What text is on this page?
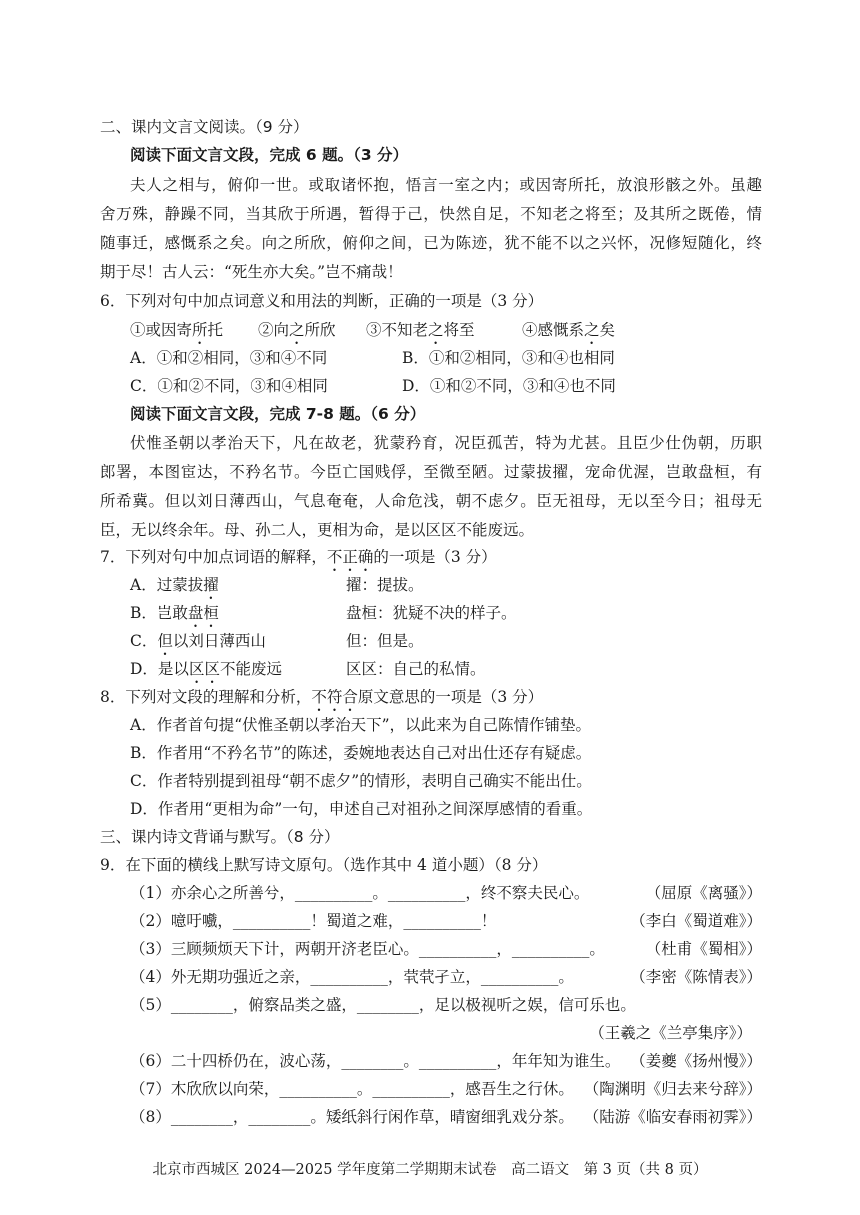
二、课内文言文阅读。（9 分）
阅读下面文言文段，完成 6 题。（3 分）
夫人之相与，俯仰一世。或取诸怀抱，悟言一室之内；或因寄所托，放浪形骸之外。虽趣
舍万殊，静躁不同，当其欣于所遇，暂得于己，快然自足，不知老之将至；及其所之既倦，情
随事迁，感慨系之矣。向之所欣，俯仰之间，已为陈迹，犹不能不以之兴怀，况修短随化，终
期于尽！古人云：“死生亦大矣。”岂不痛哉！
6．下列对句中加点词意义和用法的判断，正确的一项是（3 分）
①或因寄所托 ②向之所欣 ③不知老之将至	④感慨系之矣
A．①和②相同，③和④不同	B．①和②相同，③和④也相同
C．①和②不同，③和④相同	D．①和②不同，③和④也不同
阅读下面文言文段，完成 7-8 题。（6 分）
伏惟圣朝以孝治天下，凡在故老，犹蒙矜育，况臣孤苦，特为尤甚。且臣少仕伪朝，历职
郎署，本图宦达，不矜名节。今臣亡国贱俘，至微至陋。过蒙拔擢，宠命优渥，岂敢盘桓，有
所希冀。但以刘日薄西山，气息奄奄，人命危浅，朝不虑夕。臣无祖母，无以至今日；祖母无
臣，无以终余年。母、孙二人，更相为命，是以区区不能废远。
7．下列对句中加点词语的解释，不正确的一项是（3 分）
A．过蒙拔擢	擢：提拔。
B．岂敢盘桓	盘桓：犹疑不决的样子。
C．但以刘日薄西山	但：但是。
D．是以区区不能废远	区区：自己的私情。
8．下列对文段的理解和分析，不符合原文意思的一项是（3 分）
A．作者首句提“伏惟圣朝以孝治天下”，以此来为自己陈情作铺垫。
B．作者用“不矜名节”的陈述，委婉地表达自己对出仕还存有疑虑。
C．作者特别提到祖母“朝不虑夕”的情形，表明自己确实不能出仕。
D．作者用“更相为命”一句，申述自己对祖孙之间深厚感情的看重。
三、课内诗文背诵与默写。（8 分）
9．在下面的横线上默写诗文原句。（选作其中 4 道小题）（8 分）
（1）亦余心之所善兮，__________。__________，终不察夫民心。	（屈原《离骚》）
（2）噫吁嚱，__________！蜀道之难，__________！	（李白《蜀道难》）
（3）三顾频烦天下计，两朝开济老臣心。__________，__________。	（杜甫《蜀相》）
（4）外无期功强近之亲，__________，茕茕孑立，__________。	（李密《陈情表》）
（5）________，俯察品类之盛，________，足以极视听之娱，信可乐也。
（王羲之《兰亭集序》）
（6）二十四桥仍在，波心荡，________。__________，年年知为谁生。 （姜夔《扬州慢》）
（7）木欣欣以向荣，__________。__________，感吾生之行休。 （陶渊明《归去来兮辞》）
（8）________，________。矮纸斜行闲作草，晴窗细乳戏分茶。 （陆游《临安春雨初霁》）
北京市西城区 2024—2025 学年度第二学期期末试卷　高二语文　第 3 页（共 8 页）
